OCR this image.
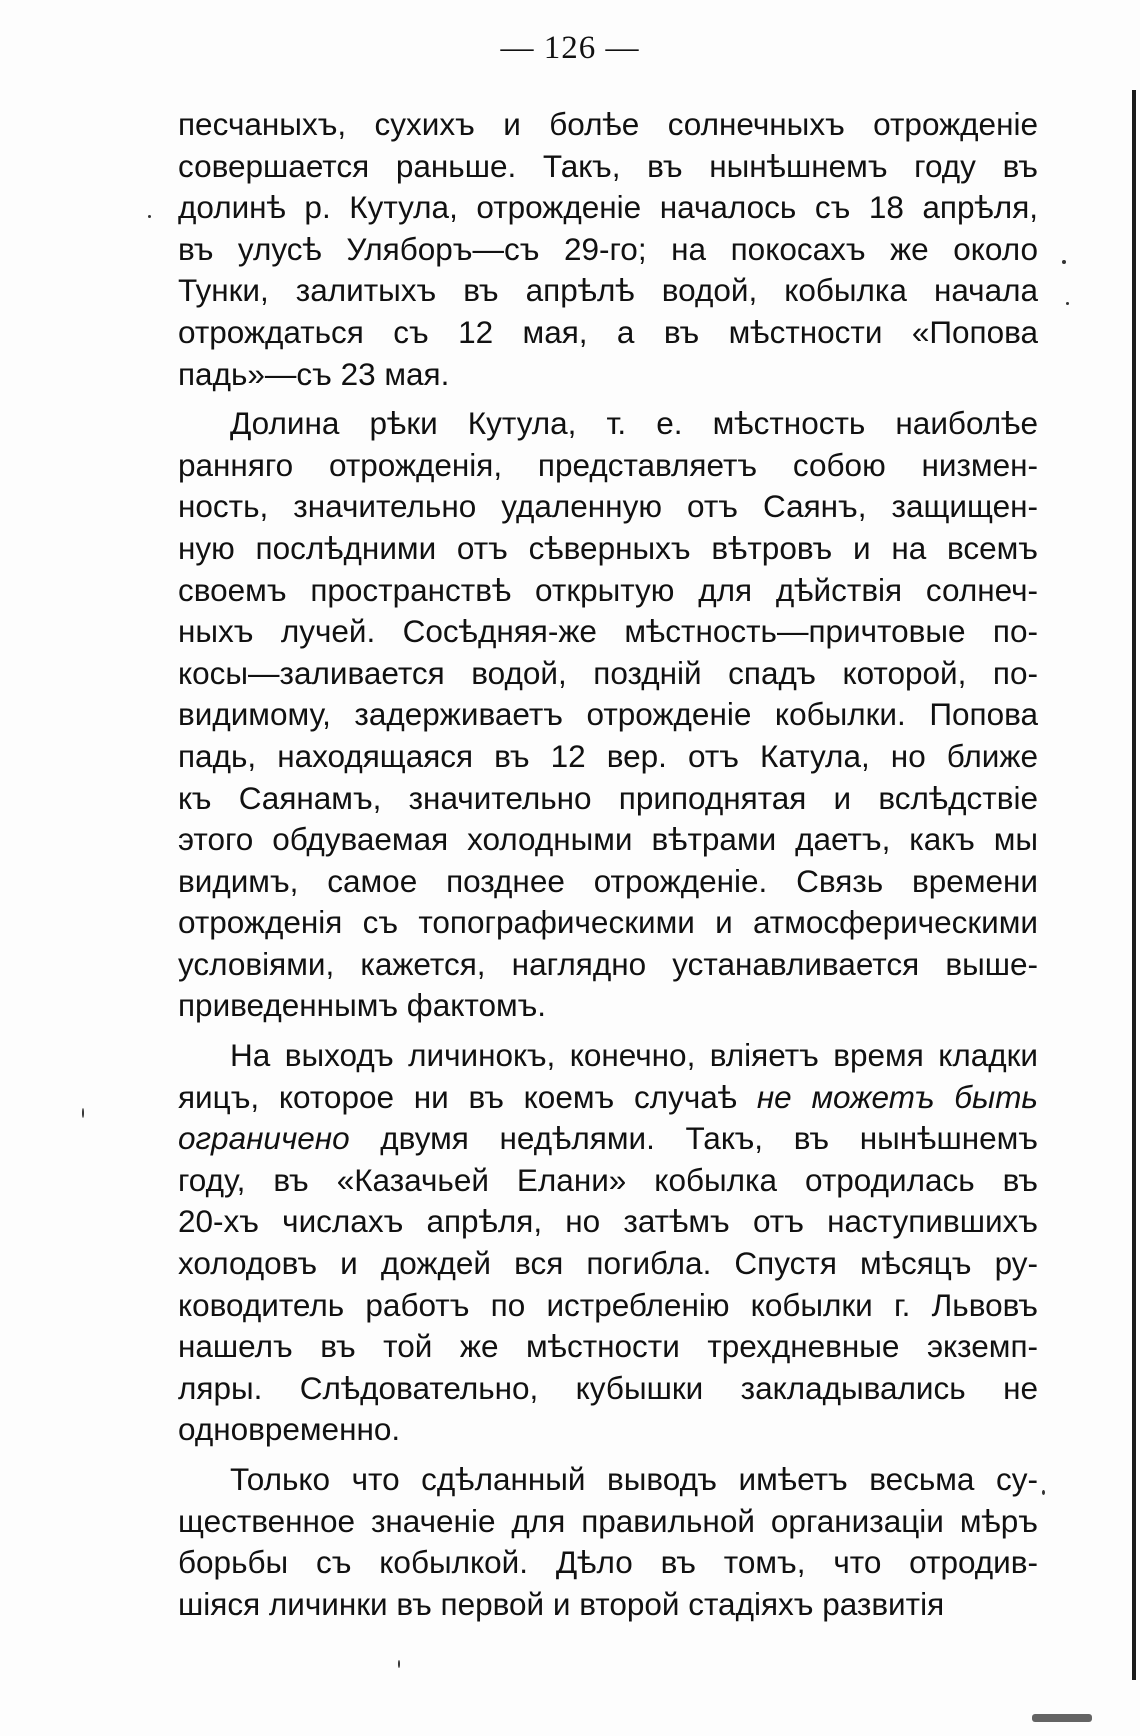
— 126 —

песчаныхъ, сухихъ и болѣе солнечныхъ отрожденіе
совершается раньше. Такъ, въ нынѣшнемъ году въ
долинѣ р. Кутула, отрожденіе началось съ 18 апрѣля,
въ улусѣ Уляборъ—съ 29-го; на покосахъ же около
Тунки, залитыхъ въ апрѣлѣ водой, кобылка начала
отрождаться съ 12 мая, а въ мѣстности «Попова
падь»—съ 23 мая.

Долина рѣки Кутула, т. е. мѣстность наиболѣе
ранняго отрожденія, представляетъ собою низмен-
ность, значительно удаленную отъ Саянъ, защищен-
ную послѣдними отъ сѣверныхъ вѣтровъ и на всемъ
своемъ пространствѣ открытую для дѣйствія солнеч-
ныхъ лучей. Сосѣдняя-же мѣстность—причтовые по-
косы—заливается водой, поздній спадъ которой, по-
видимому, задерживаетъ отрожденіе кобылки. Попова
падь, находящаяся въ 12 вер. отъ Катула, но ближе
къ Саянамъ, значительно приподнятая и вслѣдствіе
этого обдуваемая холодными вѣтрами даетъ, какъ мы
видимъ, самое позднее отрожденіе. Связь времени
отрожденія съ топографическими и атмосферическими
условіями, кажется, наглядно устанавливается выше-
приведеннымъ фактомъ.

На выходъ личинокъ, конечно, вліяетъ время кладки
яицъ, которое ни въ коемъ случаѣ не можетъ быть
ограничено двумя недѣлями. Такъ, въ нынѣшнемъ
году, въ «Казачьей Елани» кобылка отродилась въ
20-хъ числахъ апрѣля, но затѣмъ отъ наступившихъ
холодовъ и дождей вся погибла. Спустя мѣсяцъ ру-
ководитель работъ по истребленію кобылки г. Львовъ
нашелъ въ той же мѣстности трехдневные экземп-
ляры. Слѣдовательно, кубышки закладывались не
одновременно.

Только что сдѣланный выводъ имѣетъ весьма су-
щественное значеніе для правильной организаціи мѣръ
борьбы съ кобылкой. Дѣло въ томъ, что отродив-
шіяся личинки въ первой и второй стадіяхъ развитія
